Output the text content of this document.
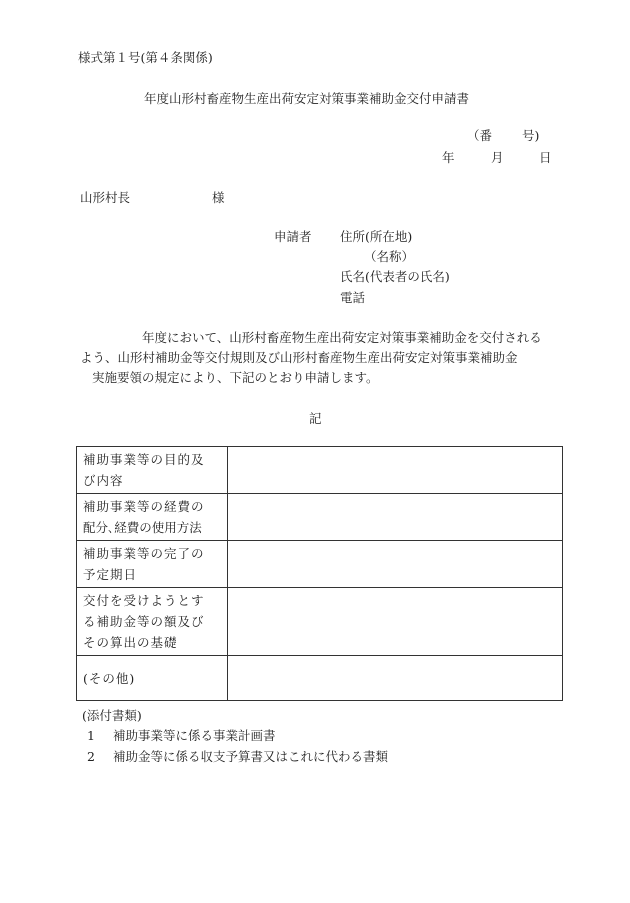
様式第１号(第４条関係)
年度山形村畜産物生産出荷安定対策事業補助金交付申請書
（番 号)
年	月	日
山形村長	様
申請者 住所(所在地)
（名称）
氏名(代表者の氏名)
電話
年度において、山形村畜産物生産出荷安定対策事業補助金を交付される
よう、山形村補助金等交付規則及び山形村畜産物生産出荷安定対策事業補助金
実施要領の規定により、下記のとおり申請します。
記
補助事業等の目的及
び内容	

補助事業等の経費の
配分､経費の使用方法	

補助事業等の完了の
予定期日	

交付を受けようとす
る補助金等の額及び
その算出の基礎	

(その他)	

(添付書類)
1 補助事業等に係る事業計画書
2 補助金等に係る収支予算書又はこれに代わる書類
